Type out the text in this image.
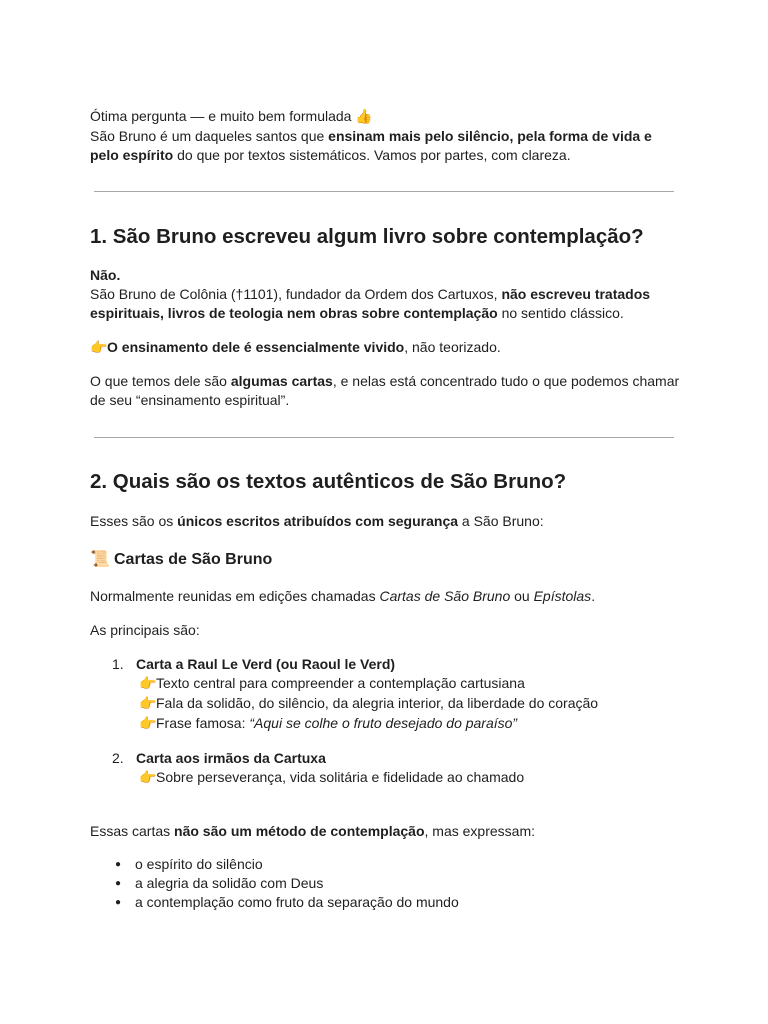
Ótima pergunta — e muito bem formulada 👍

São Bruno é um daqueles santos que ensinam mais pelo silêncio, pela forma de vida e pelo espírito do que por textos sistemáticos. Vamos por partes, com clareza.

1. São Bruno escreveu algum livro sobre contemplação?

Não.

São Bruno de Colônia (†1101), fundador da Ordem dos Cartuxos, não escreveu tratados espirituais, livros de teologia nem obras sobre contemplação no sentido clássico.

👉O ensinamento dele é essencialmente vivido, não teorizado.

O que temos dele são algumas cartas, e nelas está concentrado tudo o que podemos chamar de seu “ensinamento espiritual”.

2. Quais são os textos autênticos de São Bruno?

Esses são os únicos escritos atribuídos com segurança a São Bruno:

📜 Cartas de São Bruno

Normalmente reunidas em edições chamadas Cartas de São Bruno ou Epístolas.

As principais são:

1. Carta a Raul Le Verd (ou Raoul le Verd)
👉Texto central para compreender a contemplação cartusiana
👉Fala da solidão, do silêncio, da alegria interior, da liberdade do coração
👉Frase famosa: “Aqui se colhe o fruto desejado do paraíso”
2. Carta aos irmãos da Cartuxa
👉Sobre perseverança, vida solitária e fidelidade ao chamado

Essas cartas não são um método de contemplação, mas expressam:

● o espírito do silêncio
● a alegria da solidão com Deus
● a contemplação como fruto da separação do mundo
